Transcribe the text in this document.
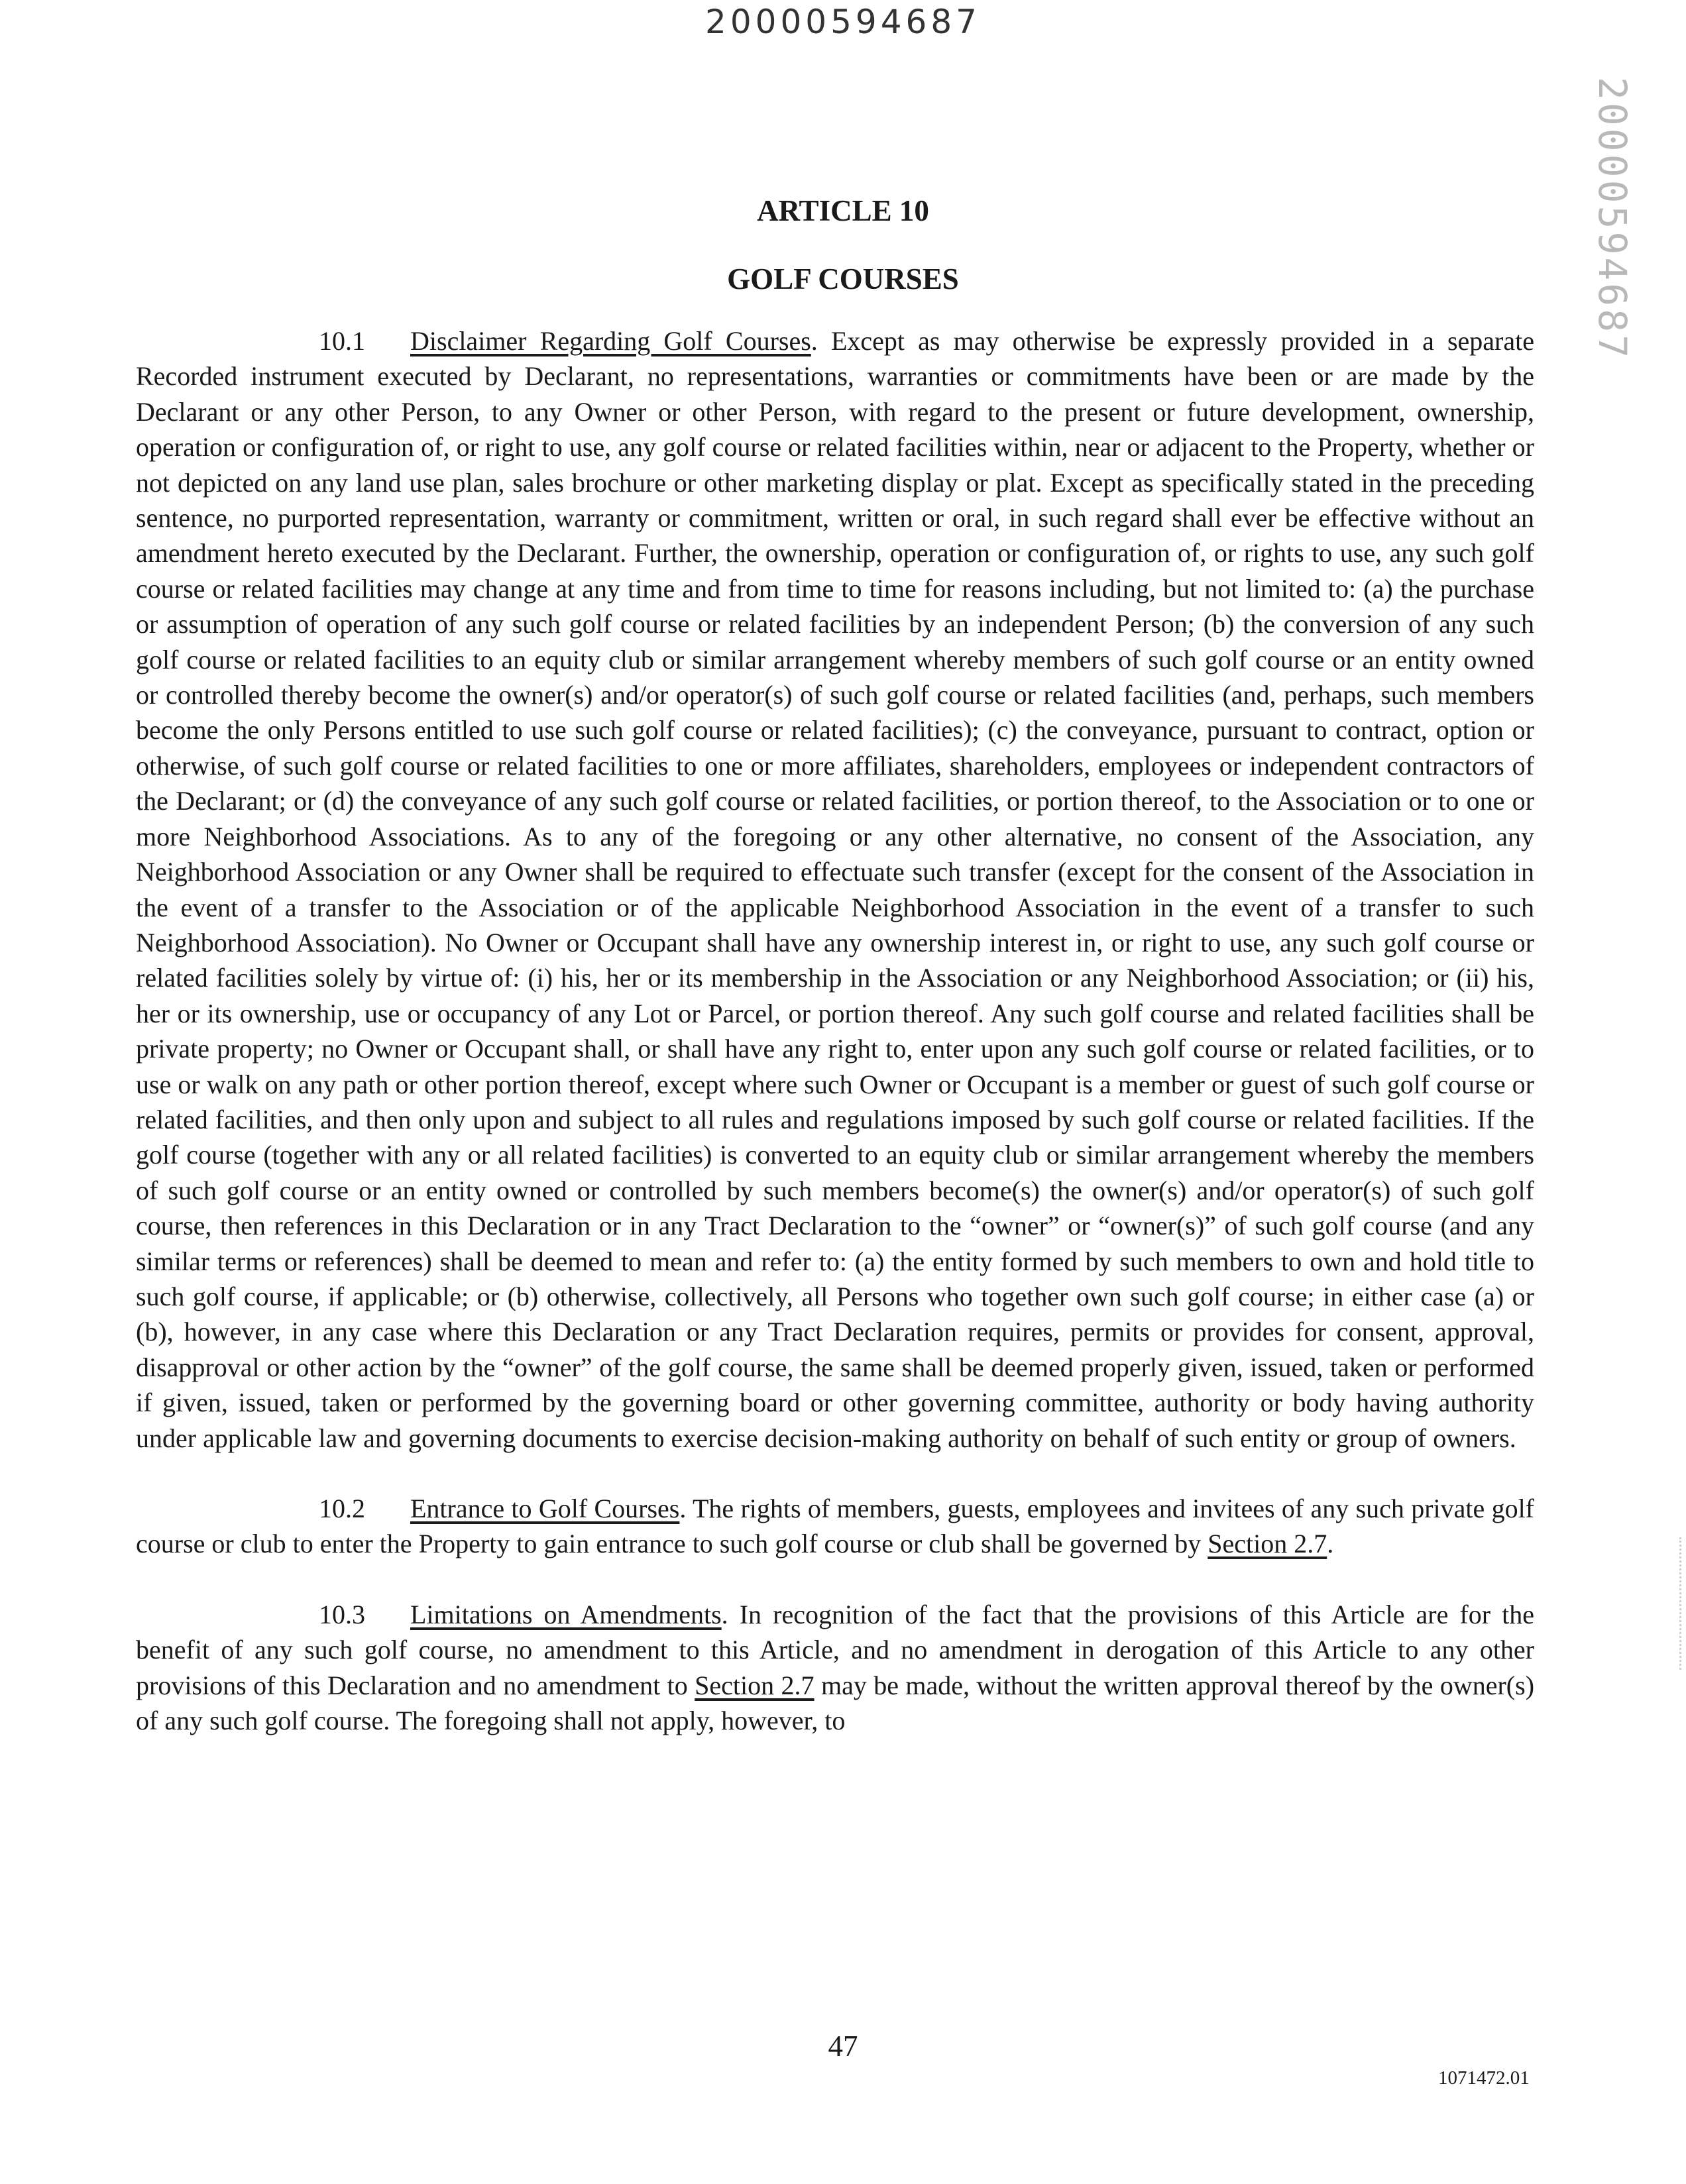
20000594687
20000594687
ARTICLE 10
GOLF COURSES

10.1 Disclaimer Regarding Golf Courses. Except as may otherwise be expressly provided in a separate Recorded instrument executed by Declarant, no representations, warranties or commitments have been or are made by the Declarant or any other Person, to any Owner or other Person, with regard to the present or future development, ownership, operation or configuration of, or right to use, any golf course or related facilities within, near or adjacent to the Property, whether or not depicted on any land use plan, sales brochure or other marketing display or plat. Except as specifically stated in the preceding sentence, no purported representation, warranty or commitment, written or oral, in such regard shall ever be effective without an amendment hereto executed by the Declarant. Further, the ownership, operation or configuration of, or rights to use, any such golf course or related facilities may change at any time and from time to time for reasons including, but not limited to: (a) the purchase or assumption of operation of any such golf course or related facilities by an independent Person; (b) the conversion of any such golf course or related facilities to an equity club or similar arrangement whereby members of such golf course or an entity owned or controlled thereby become the owner(s) and/or operator(s) of such golf course or related facilities (and, perhaps, such members become the only Persons entitled to use such golf course or related facilities); (c) the conveyance, pursuant to contract, option or otherwise, of such golf course or related facilities to one or more affiliates, shareholders, employees or independent contractors of the Declarant; or (d) the conveyance of any such golf course or related facilities, or portion thereof, to the Association or to one or more Neighborhood Associations. As to any of the foregoing or any other alternative, no consent of the Association, any Neighborhood Association or any Owner shall be required to effectuate such transfer (except for the consent of the Association in the event of a transfer to the Association or of the applicable Neighborhood Association in the event of a transfer to such Neighborhood Association). No Owner or Occupant shall have any ownership interest in, or right to use, any such golf course or related facilities solely by virtue of: (i) his, her or its membership in the Association or any Neighborhood Association; or (ii) his, her or its ownership, use or occupancy of any Lot or Parcel, or portion thereof. Any such golf course and related facilities shall be private property; no Owner or Occupant shall, or shall have any right to, enter upon any such golf course or related facilities, or to use or walk on any path or other portion thereof, except where such Owner or Occupant is a member or guest of such golf course or related facilities, and then only upon and subject to all rules and regulations imposed by such golf course or related facilities. If the golf course (together with any or all related facilities) is converted to an equity club or similar arrangement whereby the members of such golf course or an entity owned or controlled by such members become(s) the owner(s) and/or operator(s) of such golf course, then references in this Declaration or in any Tract Declaration to the “owner” or “owner(s)” of such golf course (and any similar terms or references) shall be deemed to mean and refer to: (a) the entity formed by such members to own and hold title to such golf course, if applicable; or (b) otherwise, collectively, all Persons who together own such golf course; in either case (a) or (b), however, in any case where this Declaration or any Tract Declaration requires, permits or provides for consent, approval, disapproval or other action by the “owner” of the golf course, the same shall be deemed properly given, issued, taken or performed if given, issued, taken or performed by the governing board or other governing committee, authority or body having authority under applicable law and governing documents to exercise decision-making authority on behalf of such entity or group of owners.

10.2 Entrance to Golf Courses. The rights of members, guests, employees and invitees of any such private golf course or club to enter the Property to gain entrance to such golf course or club shall be governed by Section 2.7.

10.3 Limitations on Amendments. In recognition of the fact that the provisions of this Article are for the benefit of any such golf course, no amendment to this Article, and no amendment in derogation of this Article to any other provisions of this Declaration and no amendment to Section 2.7 may be made, without the written approval thereof by the owner(s) of any such golf course. The foregoing shall not apply, however, to

47
1071472.01
